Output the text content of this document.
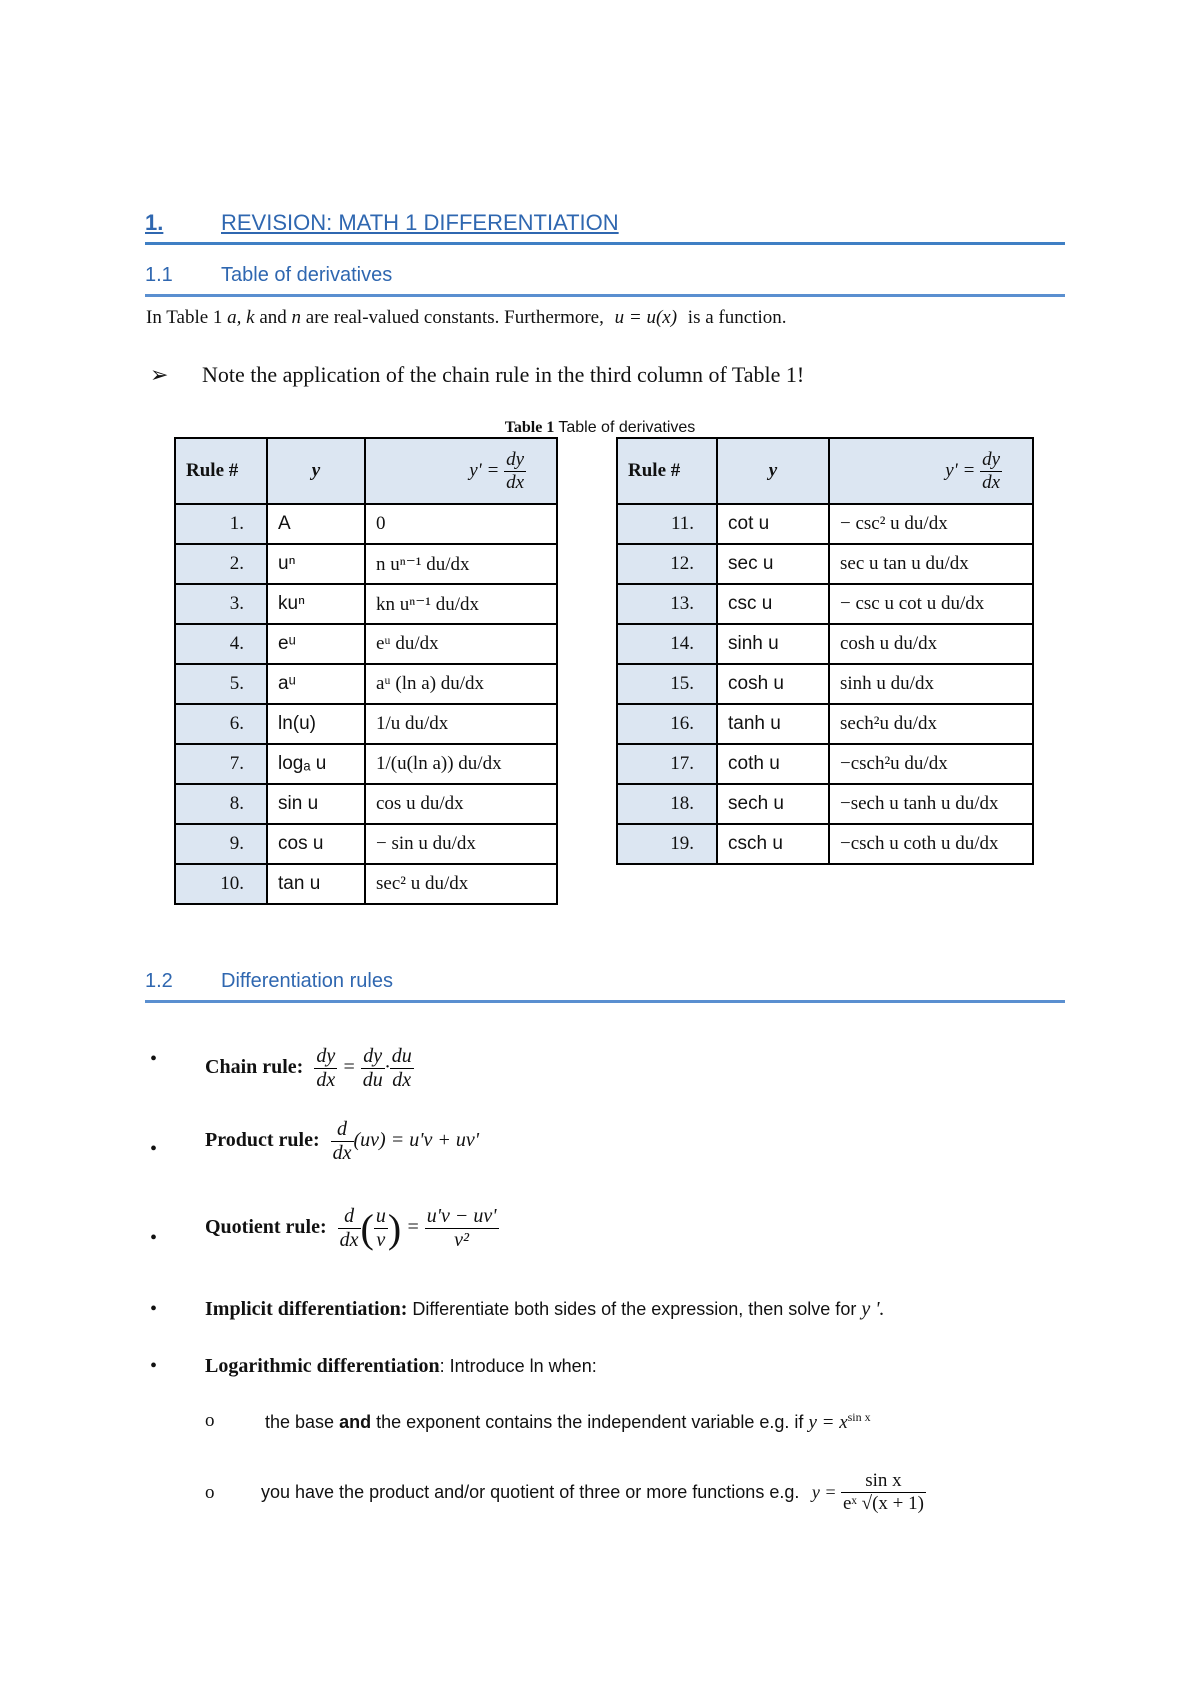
1.	REVISION: MATH 1 DIFFERENTIATION
1.1 Table of derivatives
In Table 1 a, k and n are real-valued constants. Furthermore, u = u(x) is a function.
➢ Note the application of the chain rule in the third column of Table 1!
Table 1 Table of derivatives
Rule #	y	$y' = \frac{dy}{dx}$

1.	A	0
2.	uⁿ	n uⁿ⁻¹ du/dx
3.	kuⁿ	kn uⁿ⁻¹ du/dx
4.	eᵘ	eᵘ du/dx
5.	aᵘ	aᵘ (ln a) du/dx
6.	ln(u)	1/u du/dx
7.	logₐ u	1/(u(ln a)) du/dx
8.	sin u	cos u du/dx
9.	cos u	− sin u du/dx
10.	tan u	sec² u du/dx
Rule #	y	$y' = \frac{dy}{dx}$

11.	cot u	− csc² u du/dx
12.	sec u	sec u tan u du/dx
13.	csc u	− csc u cot u du/dx
14.	sinh u	cosh u du/dx
15.	cosh u	sinh u du/dx
16.	tanh u	sech²u du/dx
17.	coth u	−csch²u du/dx
18.	sech u	−sech u tanh u du/dx
19.	csch u	−csch u coth u du/dx
1.2 Differentiation rules
• Chain rule: $\frac{dy}{dx} = \frac{dy}{du} \cdot \frac{du}{dx}$
• Product rule: $\frac{d}{dx} (uv) = u'v + uv'$
• Quotient rule: $\frac{d}{dx}$ ( $\frac{u}{v}$ ) = $\frac{u'v - uv'}{\text{v²}}$
• Implicit differentiation: Differentiate both sides of the expression, then solve for y '.
• Logarithmic differentiation: Introduce ln when:
o	the base and the exponent contains the independent variable e.g. if $y = x^{sin x}$
o	you have the product and/or quotient of three or more functions e.g. $y = \frac{\text{sin x}}{\text{eˣ √(x + 1)}}$
